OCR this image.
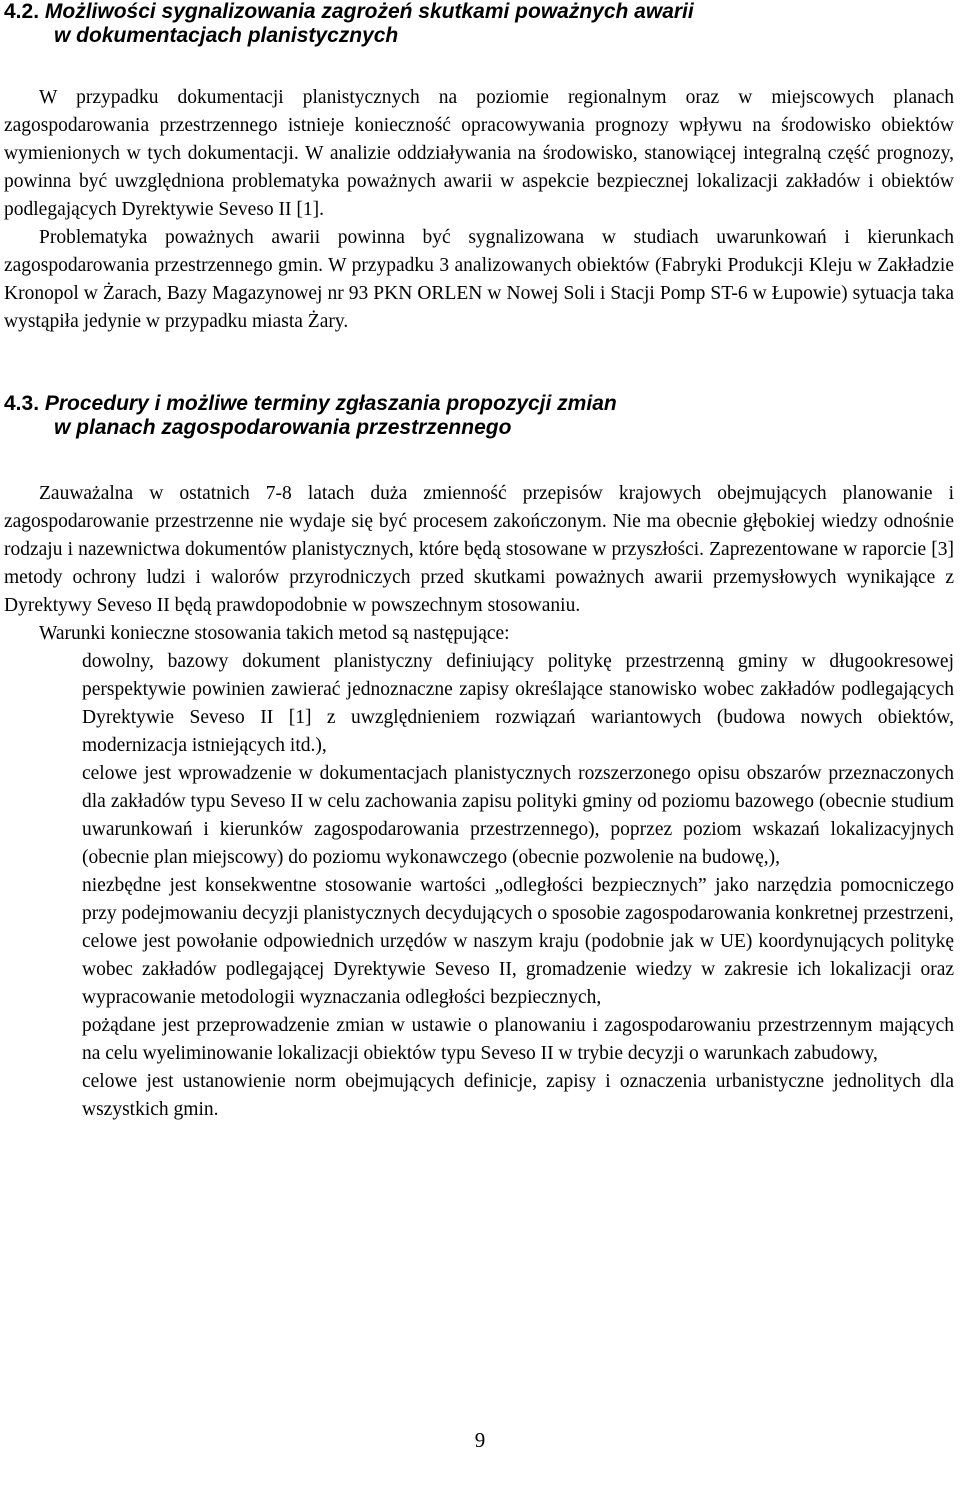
4.2. Możliwości sygnalizowania zagrożeń skutkami poważnych awarii
w dokumentacjach planistycznych

W przypadku dokumentacji planistycznych na poziomie regionalnym oraz w miejscowych planach zagospodarowania przestrzennego istnieje konieczność opracowywania prognozy wpływu na środowisko obiektów wymienionych w tych dokumentacji. W analizie oddziaływania na środowisko, stanowiącej integralną część prognozy, powinna być uwzględniona problematyka poważnych awarii w aspekcie bezpiecznej lokalizacji zakładów i obiektów podlegających Dyrektywie Seveso II [1].

Problematyka poważnych awarii powinna być sygnalizowana w studiach uwarunkowań i kierunkach zagospodarowania przestrzennego gmin. W przypadku 3 analizowanych obiektów (Fabryki Produkcji Kleju w Zakładzie Kronopol w Żarach, Bazy Magazynowej nr 93 PKN ORLEN w Nowej Soli i Stacji Pomp ST-6 w Łupowie) sytuacja taka wystąpiła jedynie w przypadku miasta Żary.

4.3. Procedury i możliwe terminy zgłaszania propozycji zmian
w planach zagospodarowania przestrzennego

Zauważalna w ostatnich 7-8 latach duża zmienność przepisów krajowych obejmujących planowanie i zagospodarowanie przestrzenne nie wydaje się być procesem zakończonym. Nie ma obecnie głębokiej wiedzy odnośnie rodzaju i nazewnictwa dokumentów planistycznych, które będą stosowane w przyszłości. Zaprezentowane w raporcie [3] metody ochrony ludzi i walorów przyrodniczych przed skutkami poważnych awarii przemysłowych wynikające z Dyrektywy Seveso II będą prawdopodobnie w powszechnym stosowaniu.

Warunki konieczne stosowania takich metod są następujące:

dowolny, bazowy dokument planistyczny definiujący politykę przestrzenną gminy w długookresowej perspektywie powinien zawierać jednoznaczne zapisy określające stanowisko wobec zakładów podlegających Dyrektywie Seveso II [1] z uwzględnieniem rozwiązań wariantowych (budowa nowych obiektów, modernizacja istniejących itd.),
celowe jest wprowadzenie w dokumentacjach planistycznych rozszerzonego opisu obszarów przeznaczonych dla zakładów typu Seveso II w celu zachowania zapisu polityki gminy od poziomu bazowego (obecnie studium uwarunkowań i kierunków zagospodarowania przestrzennego), poprzez poziom wskazań lokalizacyjnych (obecnie plan miejscowy) do poziomu wykonawczego (obecnie pozwolenie na budowę,),
niezbędne jest konsekwentne stosowanie wartości „odległości bezpiecznych” jako narzędzia pomocniczego przy podejmowaniu decyzji planistycznych decydujących o sposobie zagospodarowania konkretnej przestrzeni,
celowe jest powołanie odpowiednich urzędów w naszym kraju (podobnie jak w UE) koordynujących politykę wobec zakładów podlegającej Dyrektywie Seveso II, gromadzenie wiedzy w zakresie ich lokalizacji oraz wypracowanie metodologii wyznaczania odległości bezpiecznych,
pożądane jest przeprowadzenie zmian w ustawie o planowaniu i zagospodarowaniu przestrzennym mających na celu wyeliminowanie lokalizacji obiektów typu Seveso II w trybie decyzji o warunkach zabudowy,
celowe jest ustanowienie norm obejmujących definicje, zapisy i oznaczenia urbanistyczne jednolitych dla wszystkich gmin.
9
